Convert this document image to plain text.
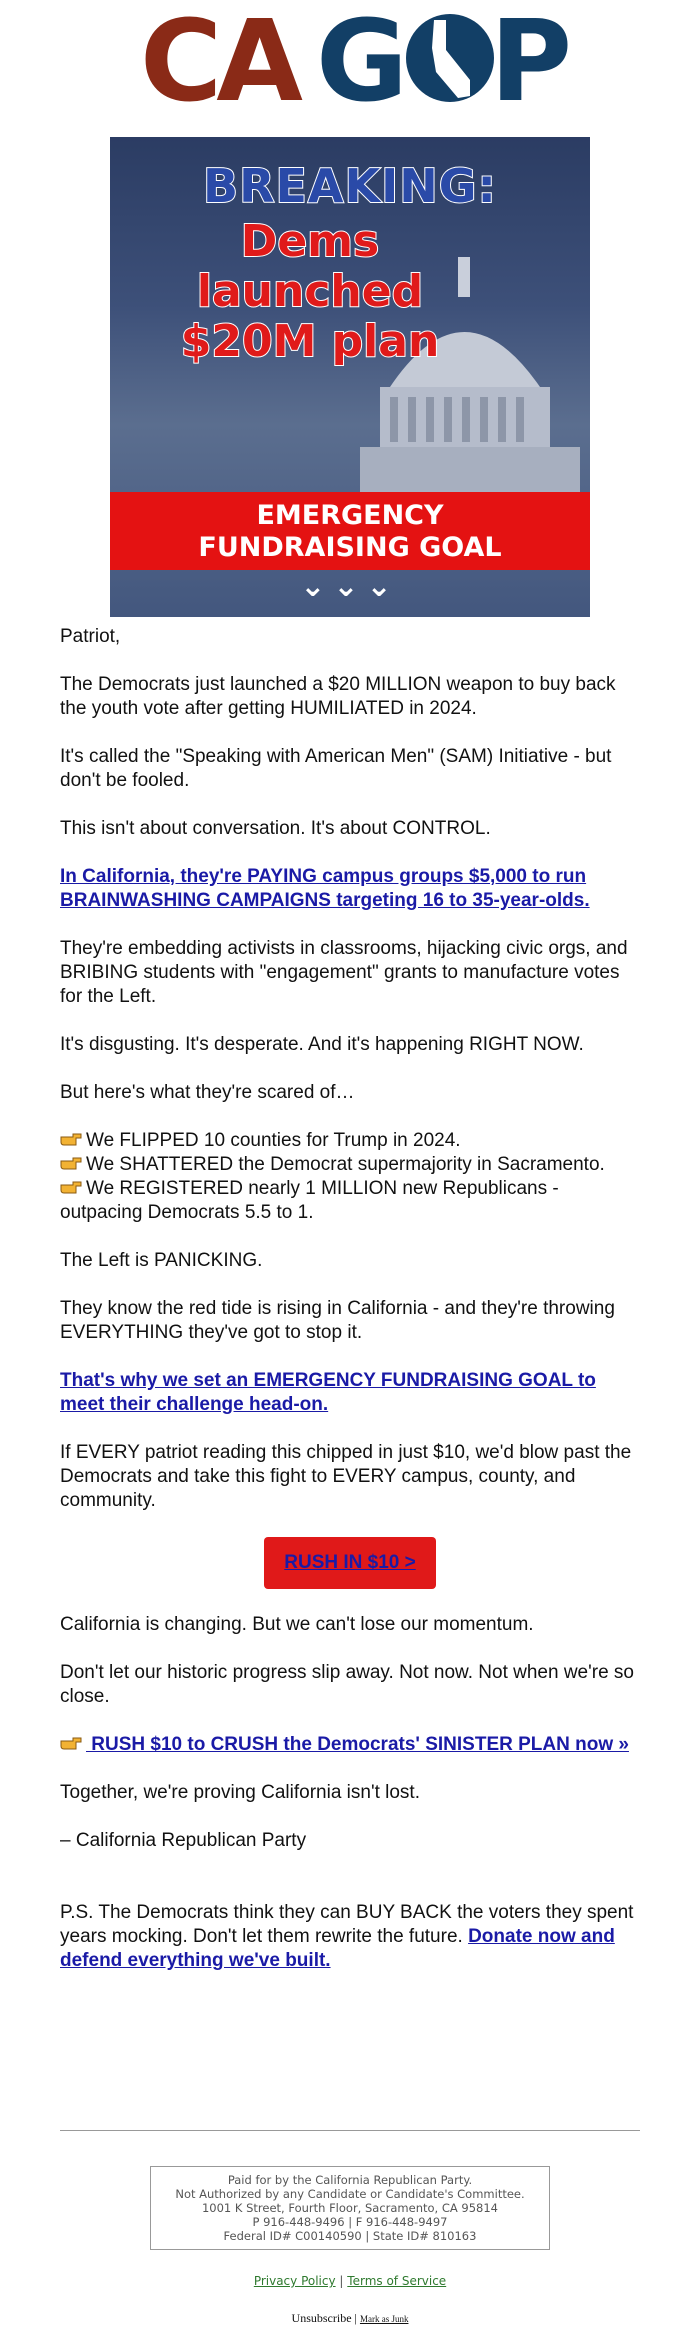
CA G P
BREAKING:
Dems launched $20M plan
EMERGENCY
FUNDRAISING GOAL
⌄⌄⌄

Patriot,

The Democrats just launched a $20 MILLION weapon to buy back the youth vote after getting HUMILIATED in 2024.

It's called the "Speaking with American Men" (SAM) Initiative - but don't be fooled.

This isn't about conversation. It's about CONTROL.

In California, they're PAYING campus groups $5,000 to run BRAINWASHING CAMPAIGNS targeting 16 to 35-year-olds.

They're embedding activists in classrooms, hijacking civic orgs, and BRIBING students with "engagement" grants to manufacture votes for the Left.

It's disgusting. It's desperate. And it's happening RIGHT NOW.

But here's what they're scared of…

We FLIPPED 10 counties for Trump in 2024.
We SHATTERED the Democrat supermajority in Sacramento.
We REGISTERED nearly 1 MILLION new Republicans - outpacing Democrats 5.5 to 1.

The Left is PANICKING.

They know the red tide is rising in California - and they're throwing EVERYTHING they've got to stop it.

That's why we set an EMERGENCY FUNDRAISING GOAL to meet their challenge head-on.

If EVERY patriot reading this chipped in just $10, we'd blow past the Democrats and take this fight to EVERY campus, county, and community.

RUSH IN $10 >

California is changing. But we can't lose our momentum.

Don't let our historic progress slip away. Not now. Not when we're so close.

RUSH $10 to CRUSH the Democrats' SINISTER PLAN now »

Together, we're proving California isn't lost.

– California Republican Party

P.S. The Democrats think they can BUY BACK the voters they spent years mocking. Don't let them rewrite the future. Donate now and defend everything we've built.

Paid for by the California Republican Party.
Not Authorized by any Candidate or Candidate's Committee.
1001 K Street, Fourth Floor, Sacramento, CA 95814
P 916-448-9496 | F 916-448-9497
Federal ID# C00140590 | State ID# 810163
Privacy Policy | Terms of Service
Unsubscribe | Mark as Junk
